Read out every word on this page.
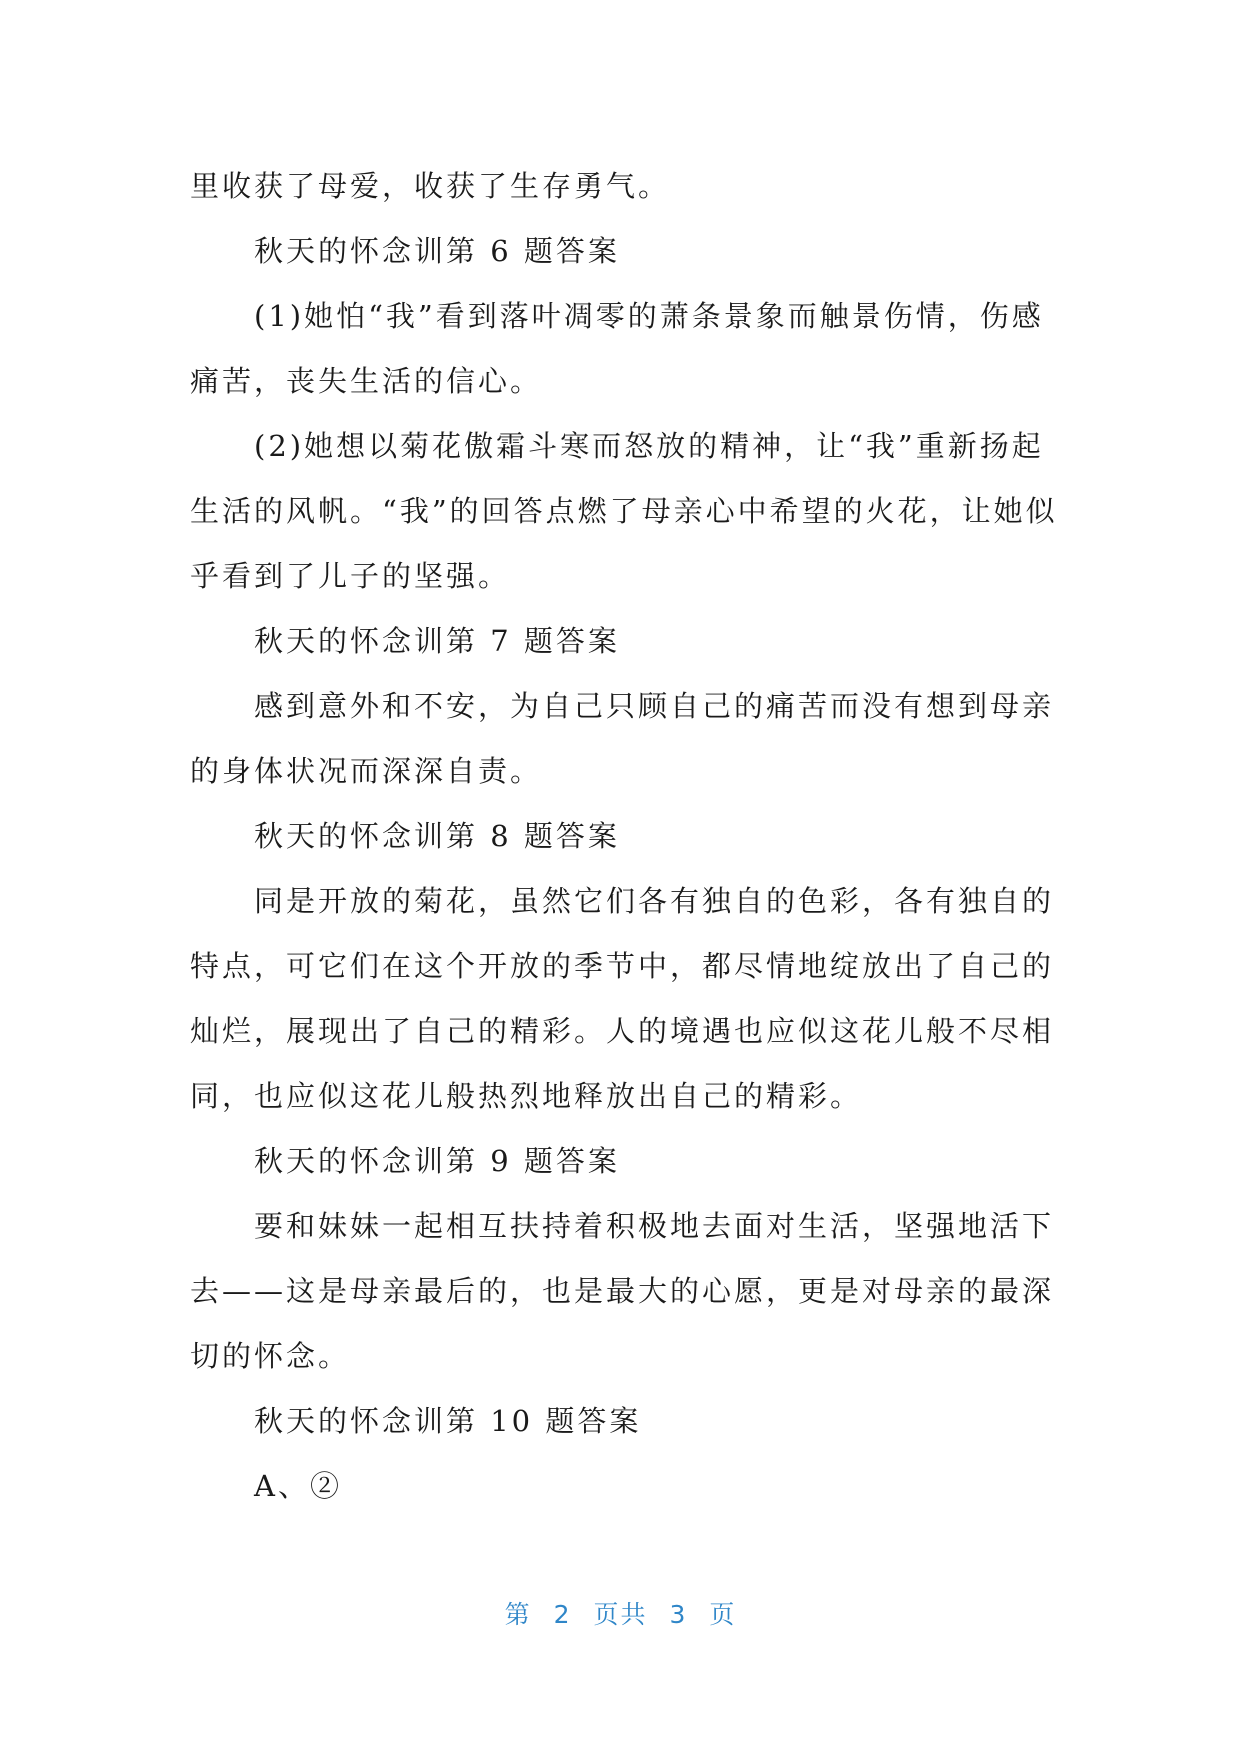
里收获了母爱，收获了生存勇气。

秋天的怀念训第 6 题答案

(1)她怕“我”看到落叶凋零的萧条景象而触景伤情，伤感痛苦，丧失生活的信心。

(2)她想以菊花傲霜斗寒而怒放的精神，让“我”重新扬起生活的风帆。“我”的回答点燃了母亲心中希望的火花，让她似乎看到了儿子的坚强。

秋天的怀念训第 7 题答案

感到意外和不安，为自己只顾自己的痛苦而没有想到母亲的身体状况而深深自责。

秋天的怀念训第 8 题答案

同是开放的菊花，虽然它们各有独自的色彩，各有独自的特点，可它们在这个开放的季节中，都尽情地绽放出了自己的灿烂，展现出了自己的精彩。人的境遇也应似这花儿般不尽相同，也应似这花儿般热烈地释放出自己的精彩。

秋天的怀念训第 9 题答案

要和妹妹一起相互扶持着积极地去面对生活，坚强地活下去——这是母亲最后的，也是最大的心愿，更是对母亲的最深切的怀念。

秋天的怀念训第 10 题答案

A、②

第 2 页共 3 页
